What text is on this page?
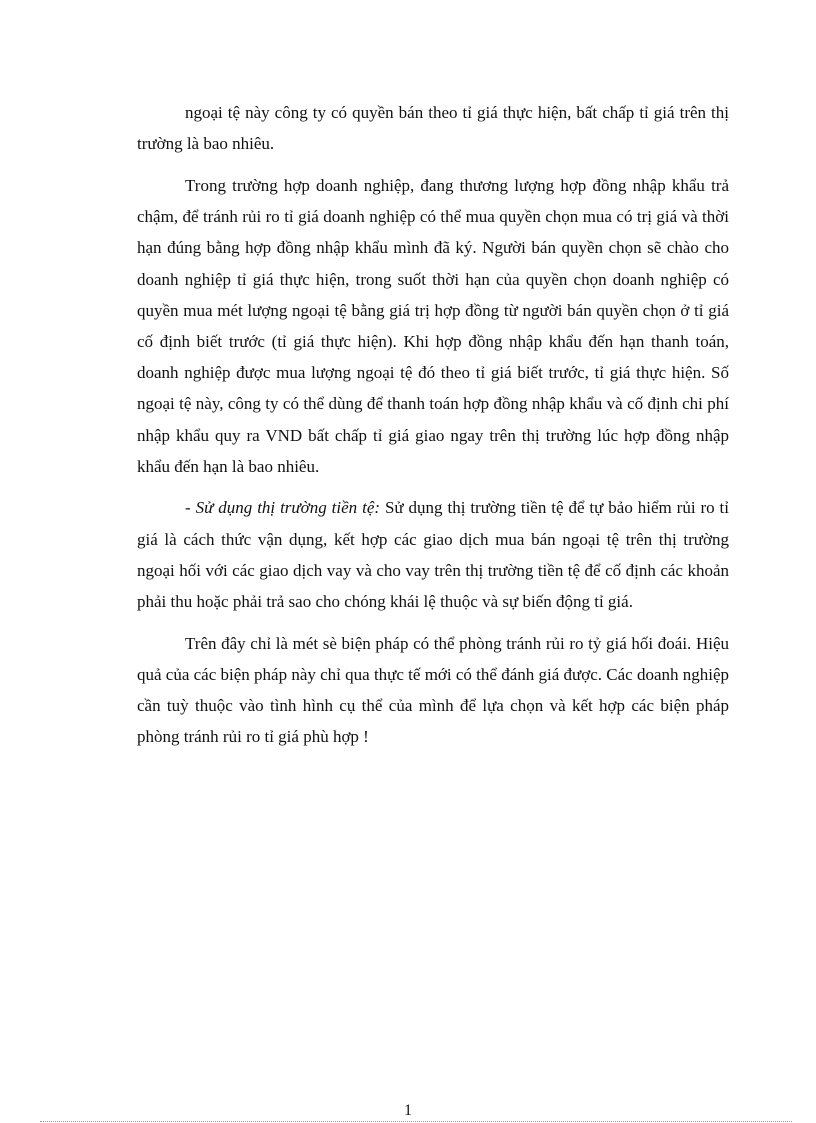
ngoại tệ này công ty có quyền bán theo tỉ giá thực hiện, bất chấp tỉ giá trên thị trường là bao nhiêu.

Trong trường hợp doanh nghiệp, đang thương lượng hợp đồng nhập khẩu trả chậm, để tránh rủi ro tỉ giá doanh nghiệp có thể mua quyền chọn mua có trị giá và thời hạn đúng bằng hợp đồng nhập khẩu mình đã ký. Người bán quyền chọn sẽ chào cho doanh nghiệp tỉ giá thực hiện, trong suốt thời hạn của quyền chọn doanh nghiệp có quyền mua mét lượng ngoại tệ bằng giá trị hợp đồng từ người bán quyền chọn ở tỉ giá cố định biết trước (tỉ giá thực hiện). Khi hợp đồng nhập khẩu đến hạn thanh toán, doanh nghiệp được mua lượng ngoại tệ đó theo tỉ giá biết trước, tỉ giá thực hiện. Số ngoại tệ này, công ty có thể dùng để thanh toán hợp đồng nhập khẩu và cố định chi phí nhập khẩu quy ra VND bất chấp tỉ giá giao ngay trên thị trường lúc hợp đồng nhập khẩu đến hạn là bao nhiêu.

- Sử dụng thị trường tiền tệ: Sử dụng thị trường tiền tệ để tự bảo hiểm rủi ro tỉ giá là cách thức vận dụng, kết hợp các giao dịch mua bán ngoại tệ trên thị trường ngoại hối với các giao dịch vay và cho vay trên thị trường tiền tệ để cố định các khoản phải thu hoặc phải trả sao cho chóng khái lệ thuộc và sự biến động tỉ giá.

Trên đây chỉ là mét sè biện pháp có thể phòng tránh rủi ro tỷ giá hối đoái. Hiệu quả của các biện pháp này chỉ qua thực tế mới có thể đánh giá được. Các doanh nghiệp cần tuỳ thuộc vào tình hình cụ thể của mình để lựa chọn và kết hợp các biện pháp phòng tránh rủi ro tỉ giá phù hợp !

1
